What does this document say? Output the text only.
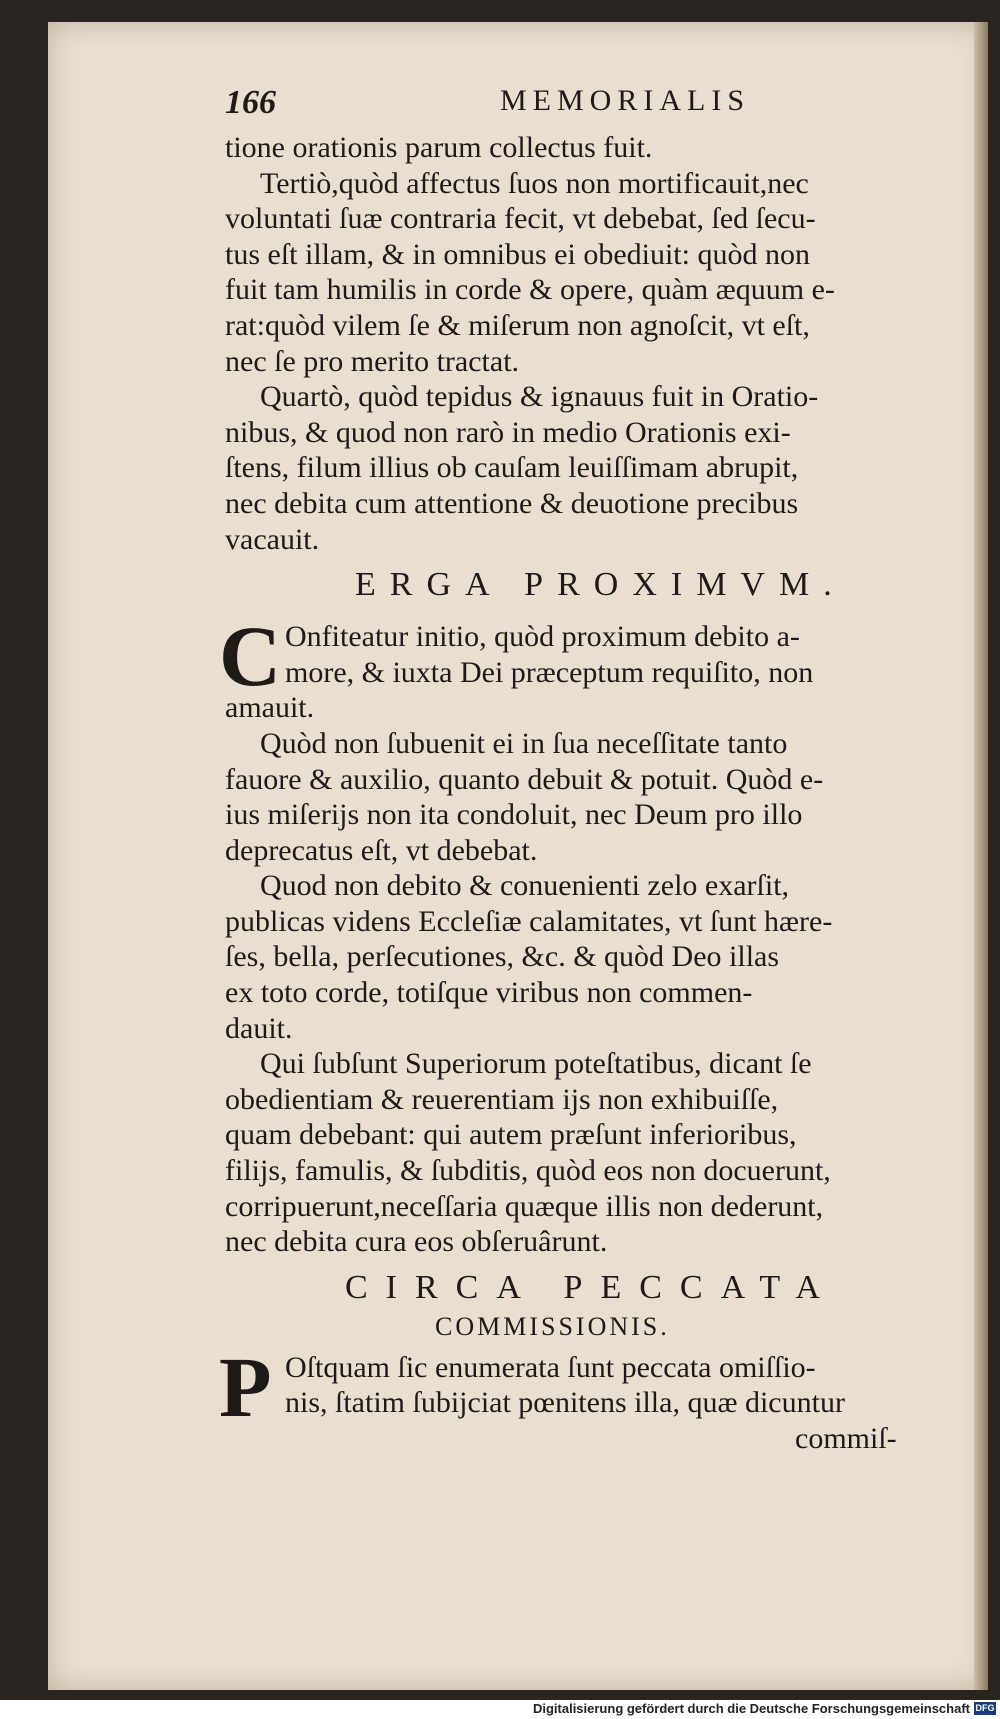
166	MEMORIALIS
tione orationis parum collectus fuit.
Tertiò,quòd affectus ſuos non mortificauit,nec
voluntati ſuæ contraria fecit, vt debebat, ſed ſecu-
tus eſt illam, & in omnibus ei obediuit: quòd non
fuit tam humilis in corde & opere, quàm æquum e-
rat:quòd vilem ſe & miſerum non agnoſcit, vt eſt,
nec ſe pro merito tractat.
Quartò, quòd tepidus & ignauus fuit in Oratio-
nibus, & quod non rarò in medio Orationis exi-
ſtens, filum illius ob cauſam leuiſſimam abrupit,
nec debita cum attentione & deuotione precibus
vacauit.
ERGA PROXIMVM.
C Onfiteatur initio, quòd proximum debito a-
more, & iuxta Dei præceptum requiſito, non
amauit.
Quòd non ſubuenit ei in ſua neceſſitate tanto
fauore & auxilio, quanto debuit & potuit. Quòd e-
ius miſerijs non ita condoluit, nec Deum pro illo
deprecatus eſt, vt debebat.
Quod non debito & conuenienti zelo exarſit,
publicas videns Eccleſiæ calamitates, vt ſunt hære-
ſes, bella, perſecutiones, &c. & quòd Deo illas
ex toto corde, totiſque viribus non commen-
dauit.
Qui ſubſunt Superiorum poteſtatibus, dicant ſe
obedientiam & reuerentiam ijs non exhibuiſſe,
quam debebant: qui autem præſunt inferioribus,
filijs, famulis, & ſubditis, quòd eos non docuerunt,
corripuerunt,neceſſaria quæque illis non dederunt,
nec debita cura eos obſeruârunt.
CIRCA PECCATA
COMMISSIONIS.
P Oſtquam ſic enumerata ſunt peccata omiſſio-
nis, ſtatim ſubijciat pœnitens illa, quæ dicuntur
commiſ-
Digitalisierung gefördert durch die Deutsche Forschungsgemeinschaft DFG
